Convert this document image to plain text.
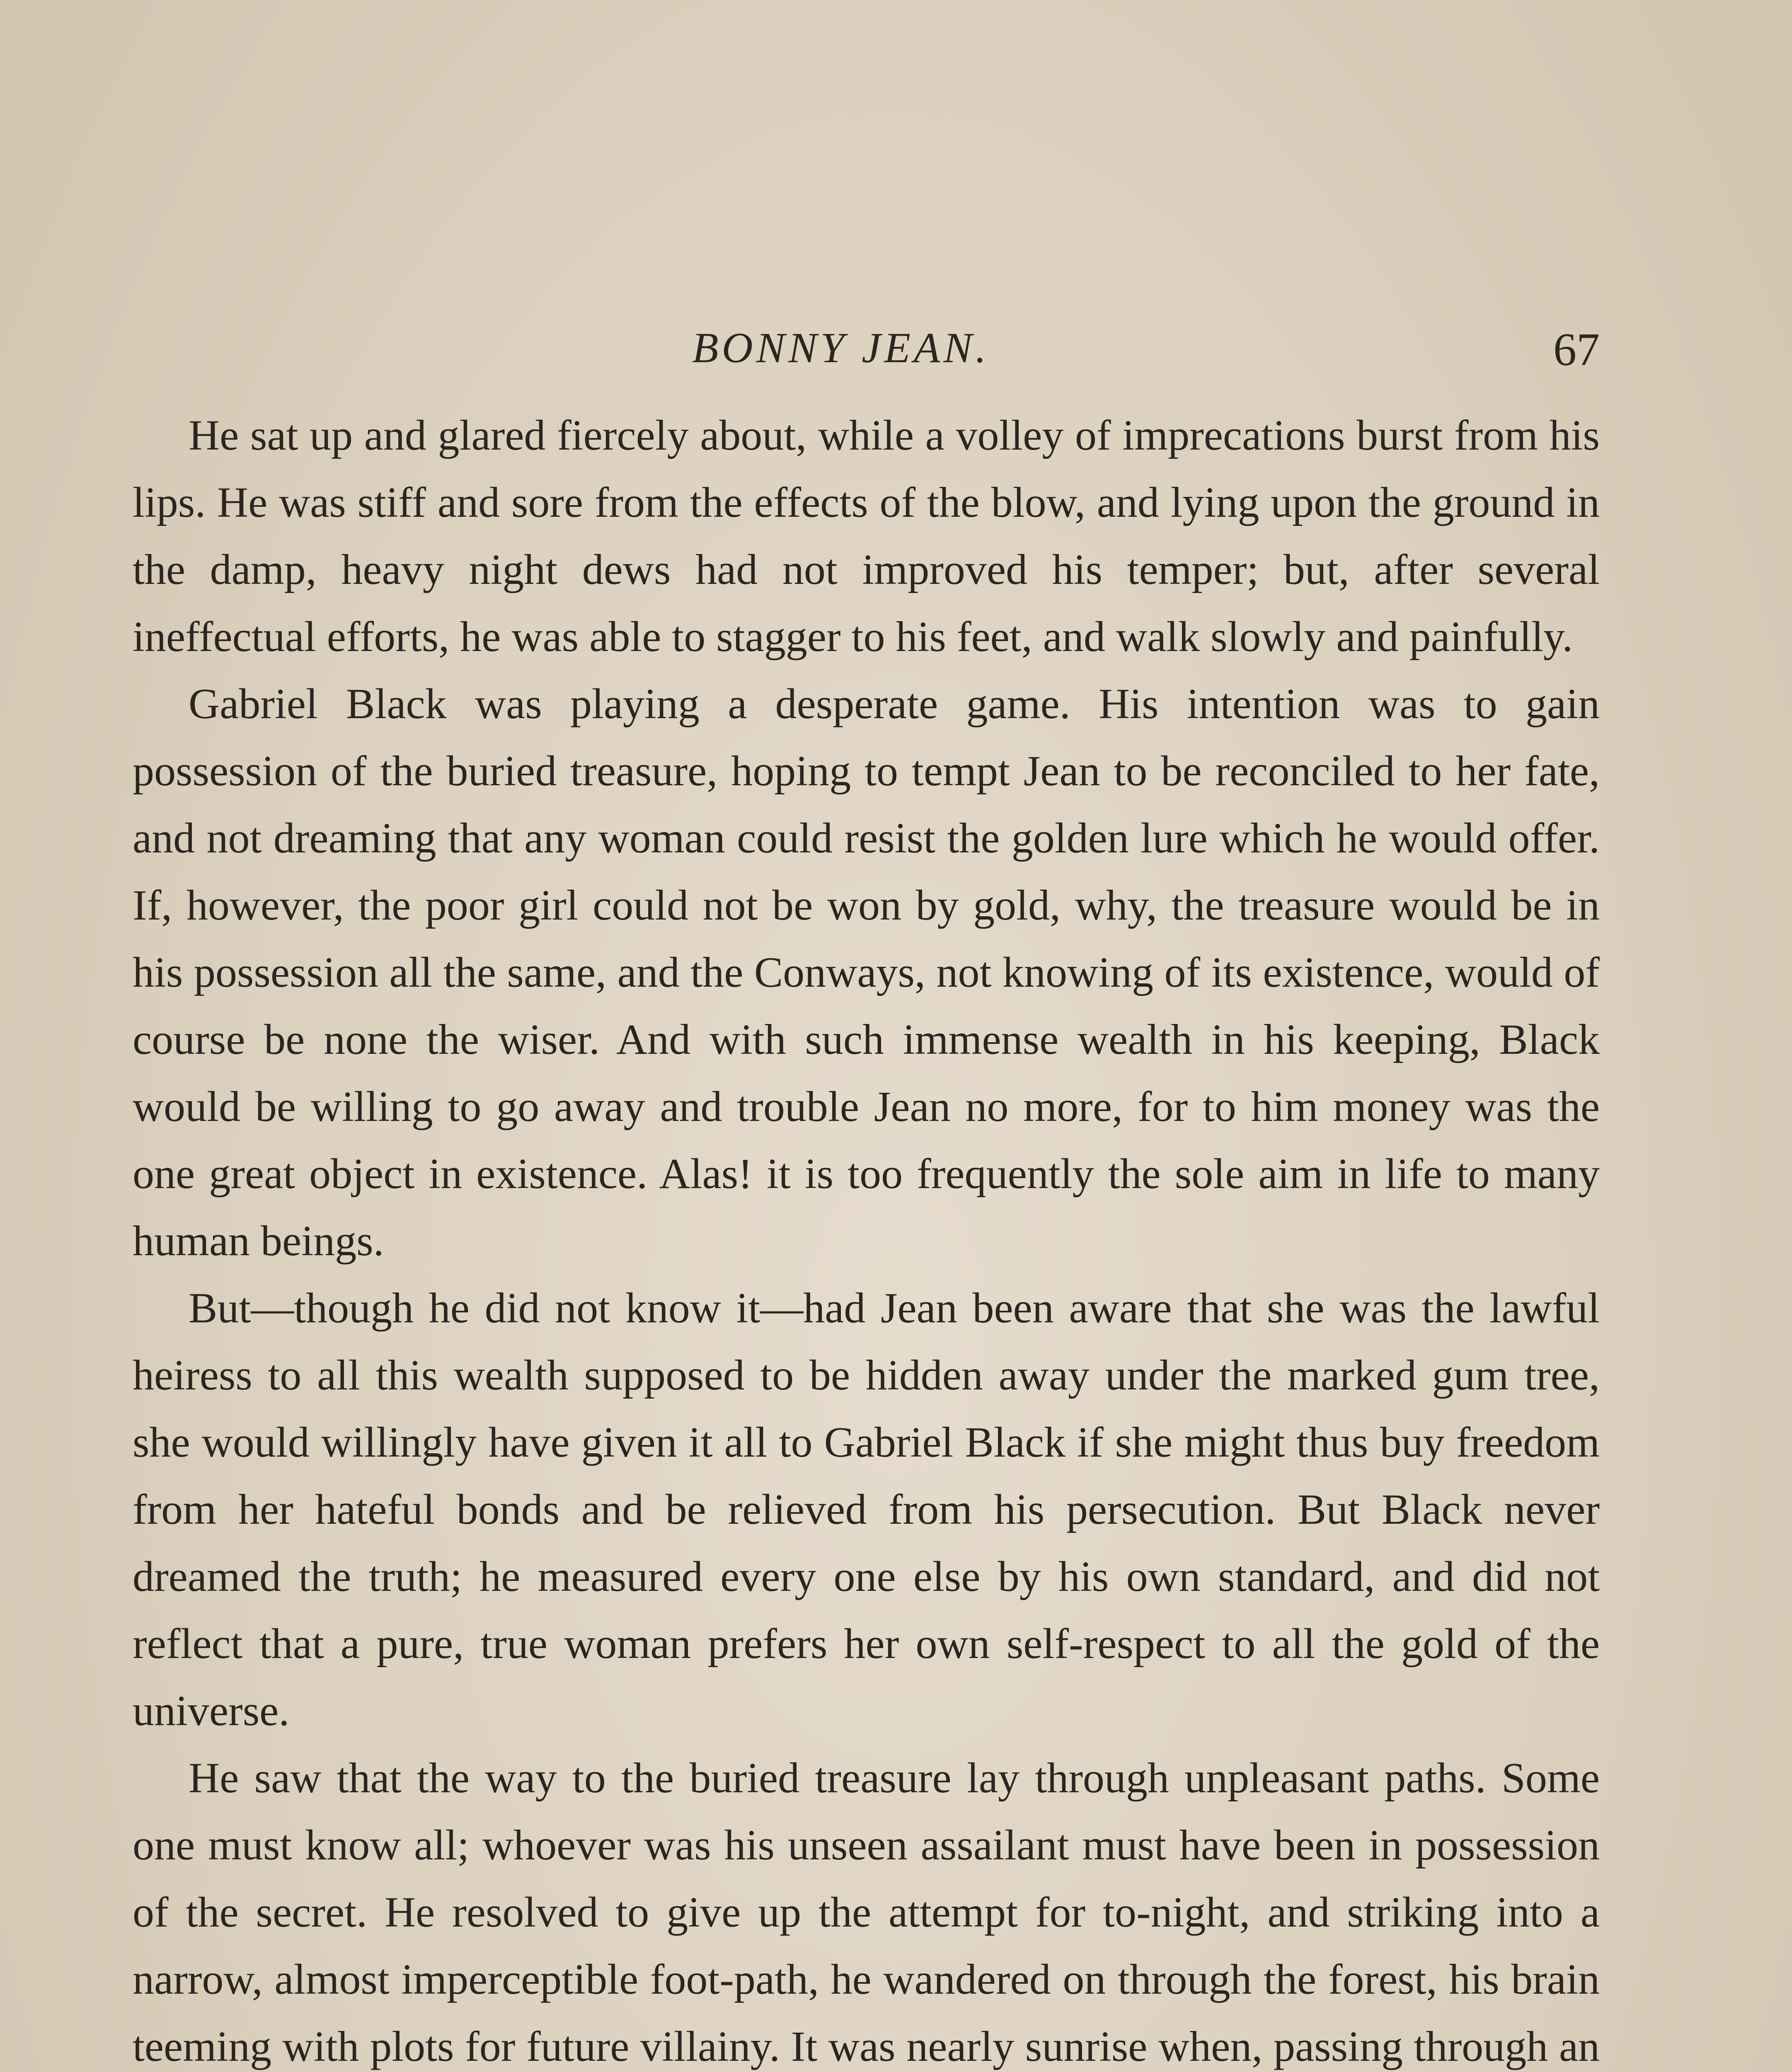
BONNY JEAN.	67

He sat up and glared fiercely about, while a volley of imprecations burst from his lips. He was stiff and sore from the effects of the blow, and lying upon the ground in the damp, heavy night dews had not improved his temper; but, after several ineffectual efforts, he was able to stagger to his feet, and walk slowly and painfully.

Gabriel Black was playing a desperate game. His intention was to gain possession of the buried treasure, hoping to tempt Jean to be reconciled to her fate, and not dreaming that any woman could resist the golden lure which he would offer. If, however, the poor girl could not be won by gold, why, the treasure would be in his possession all the same, and the Conways, not knowing of its existence, would of course be none the wiser. And with such immense wealth in his keeping, Black would be willing to go away and trouble Jean no more, for to him money was the one great object in existence. Alas! it is too frequently the sole aim in life to many human beings.

But—though he did not know it—had Jean been aware that she was the lawful heiress to all this wealth supposed to be hidden away under the marked gum tree, she would willingly have given it all to Gabriel Black if she might thus buy freedom from her hateful bonds and be relieved from his persecution. But Black never dreamed the truth; he measured every one else by his own standard, and did not reflect that a pure, true woman prefers her own self-respect to all the gold of the universe.

He saw that the way to the buried treasure lay through unpleasant paths. Some one must know all; whoever was his unseen assailant must have been in possession of the secret. He resolved to give up the attempt for to-night, and striking into a narrow, almost imperceptible foot-path, he wandered on through the forest, his brain teeming with plots for future villainy. It was nearly sunrise when, passing through an
